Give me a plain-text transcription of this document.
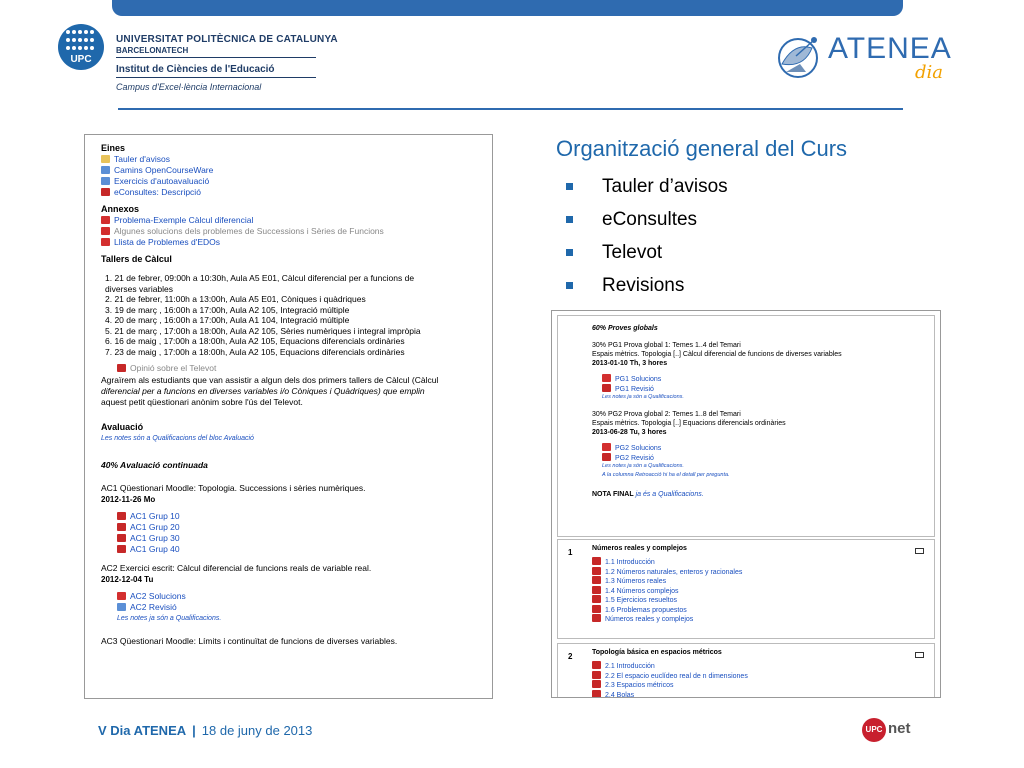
UPC
UNIVERSITAT POLITÈCNICA DE CATALUNYA
BARCELONATECH
Institut de Ciències de l'Educació
Campus d'Excel·lència Internacional
ATENEA
dia
Organització general del Curs
Tauler d’avisos
eConsultes
Televot
Revisions
Eines
Tauler d'avisos
Camins OpenCourseWare
Exercicis d'autoavaluació
eConsultes: Descripció
Annexos
Problema-Exemple Càlcul diferencial
Algunes solucions dels problemes de Successions i Sèries de Funcions
Llista de Problemes d'EDOs
Tallers de Càlcul
1. 21 de febrer, 09:00h a 10:30h, Aula A5 E01, Càlcul diferencial per a funcions de
diverses variables
2. 21 de febrer, 11:00h a 13:00h, Aula A5 E01, Còniques i quàdriques
3. 19 de març , 16:00h a 17:00h, Aula A2 105, Integració múltiple
4. 20 de març , 16:00h a 17:00h, Aula A1 104, Integració múltiple
5. 21 de març , 17:00h a 18:00h, Aula A2 105, Sèries numèriques i integral impròpia
6. 16 de maig , 17:00h a 18:00h, Aula A2 105, Equacions diferencials ordinàries
7. 23 de maig , 17:00h a 18:00h, Aula A2 105, Equacions diferencials ordinàries
Opinió sobre el Televot
Agraïrem als estudiants que van assistir a algun dels dos primers tallers de Càlcul (Càlcul
diferencial per a funcions en diverses variables i/o Còniques i Quàdriques) que emplin
aquest petit qüestionari anònim sobre l'ús del Televot.
Avaluació
Les notes són a Qualificacions del bloc Avaluació
40% Avaluació continuada
AC1 Qüestionari Moodle: Topologia. Successions i sèries numèriques.
2012-11-26 Mo
AC1 Grup 10
AC1 Grup 20
AC1 Grup 30
AC1 Grup 40
AC2 Exercici escrit: Càlcul diferencial de funcions reals de variable real.
2012-12-04 Tu
AC2 Solucions
AC2 Revisió
Les notes ja són a Qualificacions.
AC3 Qüestionari Moodle: Límits i continuïtat de funcions de diverses variables.
60% Proves globals
30% PG1 Prova global 1: Temes 1..4 del Temari
Espais mètrics. Topologia [..] Càlcul diferencial de funcions de diverses variables
2013-01-10 Th, 3 hores
PG1 Solucions
PG1 Revisió
Les notes ja són a Qualificacions.
30% PG2 Prova global 2: Temes 1..8 del Temari
Espais mètrics. Topologia [..] Equacions diferencials ordinàries
2013-06-28 Tu, 3 hores
PG2 Solucions
PG2 Revisió
Les notes ja són a Qualificacions.
A la columna Retroacció hi ha el detall per pregunta.
NOTA FINAL ja és a Qualificacions.
1	Números reales y complejos
1.1 Introducción
1.2 Números naturales, enteros y racionales
1.3 Números reales
1.4 Números complejos
1.5 Ejercicios resueltos
1.6 Problemas propuestos
Números reales y complejos
2	Topología básica en espacios métricos
2.1 Introducción
2.2 El espacio euclídeo real de n dimensiones
2.3 Espacios métricos
2.4 Bolas
V Dia ATENEA | 18 de juny de 2013	UPC net
